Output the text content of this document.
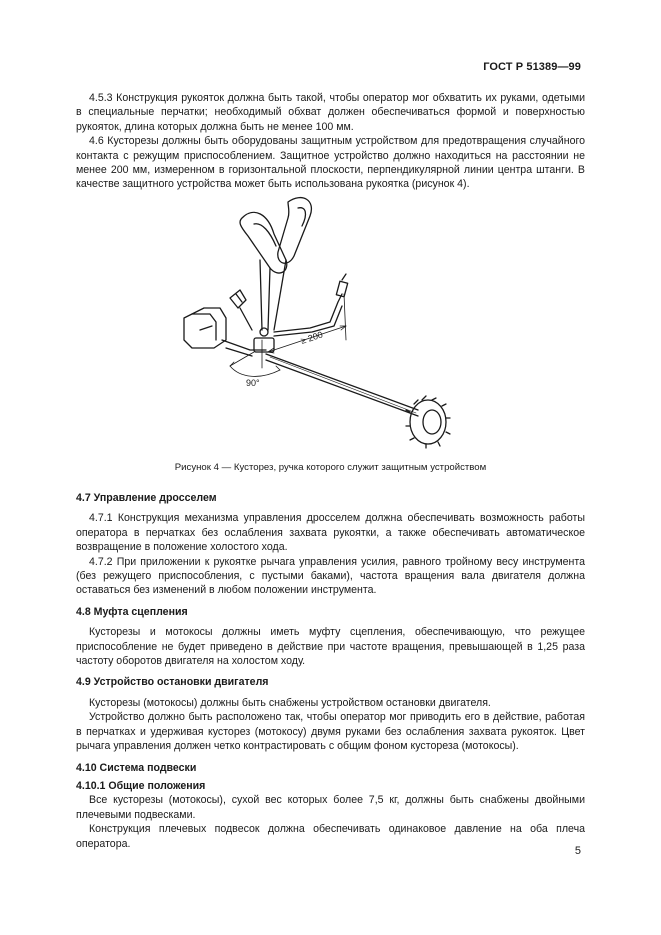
ГОСТ Р 51389—99

4.5.3 Конструкция рукояток должна быть такой, чтобы оператор мог обхватить их руками, одетыми в специальные перчатки; необходимый обхват должен обеспечиваться формой и поверхностью рукояток, длина которых должна быть не менее 100 мм.

4.6 Кусторезы должны быть оборудованы защитным устройством для предотвращения случайного контакта с режущим приспособлением. Защитное устройство должно находиться на расстоянии не менее 200 мм, измеренном в горизонтальной плоскости, перпендикулярной линии центра штанги. В качестве защитного устройства может быть использована рукоятка (рисунок 4).

≥ 200
90°
Рисунок 4 — Кусторез, ручка которого служит защитным устройством

4.7 Управление дросселем

4.7.1 Конструкция механизма управления дросселем должна обеспечивать возможность работы оператора в перчатках без ослабления захвата рукоятки, а также обеспечивать автоматическое возвращение в положение холостого хода.

4.7.2 При приложении к рукоятке рычага управления усилия, равного тройному весу инструмента (без режущего приспособления, с пустыми баками), частота вращения вала двигателя должна оставаться без изменений в любом положении инструмента.

4.8 Муфта сцепления

Кусторезы и мотокосы должны иметь муфту сцепления, обеспечивающую, что режущее приспособление не будет приведено в действие при частоте вращения, превышающей в 1,25 раза частоту оборотов двигателя на холостом ходу.

4.9 Устройство остановки двигателя

Кусторезы (мотокосы) должны быть снабжены устройством остановки двигателя.

Устройство должно быть расположено так, чтобы оператор мог приводить его в действие, работая в перчатках и удерживая кусторез (мотокосу) двумя руками без ослабления захвата рукояток. Цвет рычага управления должен четко контрастировать с общим фоном кустореза (мотокосы).

4.10 Система подвески

4.10.1 Общие положения

Все кусторезы (мотокосы), сухой вес которых более 7,5 кг, должны быть снабжены двойными плечевыми подвесками.

Конструкция плечевых подвесок должна обеспечивать одинаковое давление на оба плеча оператора.

5
